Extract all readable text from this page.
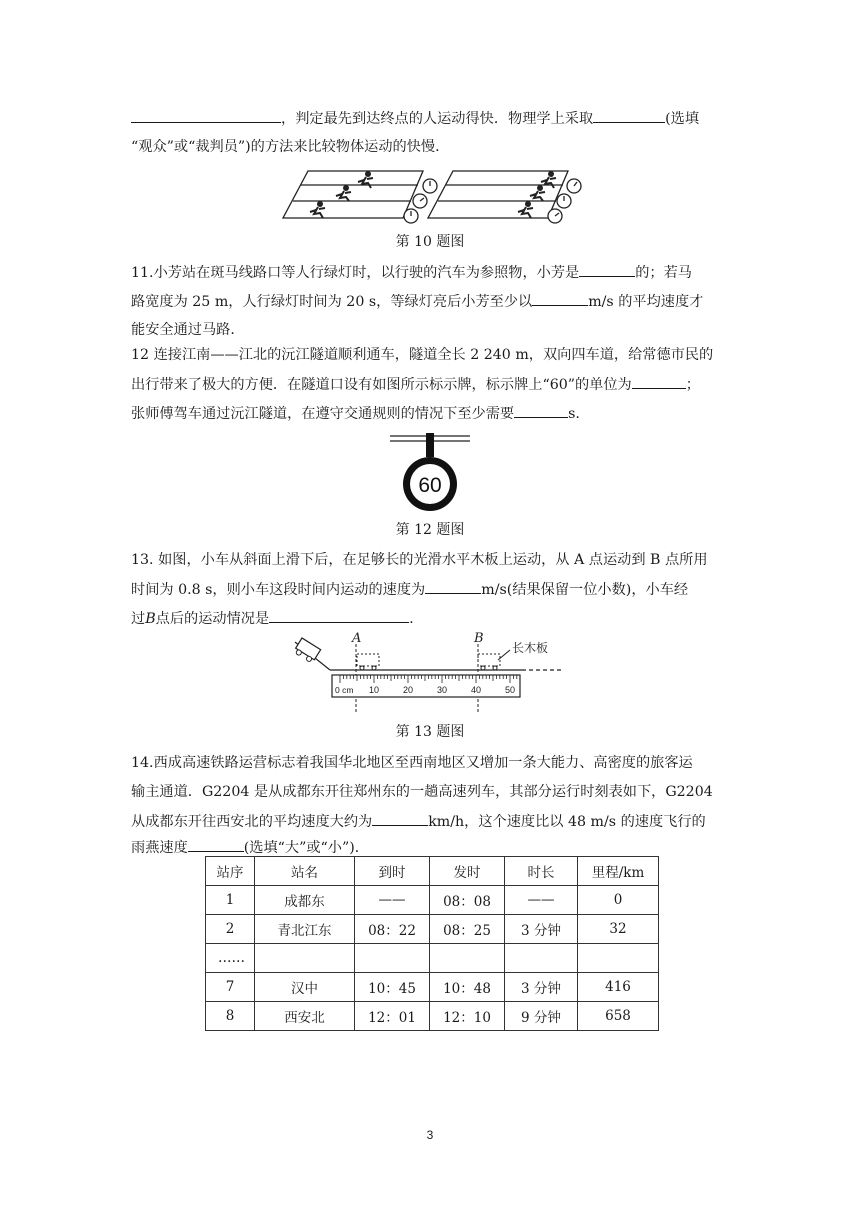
，判定最先到达终点的人运动得快．物理学上采取	(选填
“观众”或“裁判员”)的方法来比较物体运动的快慢．
第 10 题图
11.小芳站在斑马线路口等人行绿灯时，以行驶的汽车为参照物，小芳是	的；若马
路宽度为 25 m，人行绿灯时间为 20 s，等绿灯亮后小芳至少以	m/s 的平均速度才
能安全通过马路．
12 连接江南——江北的沅江隧道顺利通车，隧道全长 2 240 m，双向四车道，给常德市民的
出行带来了极大的方便．在隧道口设有如图所示标示牌，标示牌上“60”的单位为	；
张师傅驾车通过沅江隧道，在遵守交通规则的情况下至少需要	s.
60
第 12 题图
13. 如图，小车从斜面上滑下后，在足够长的光滑水平木板上运动，从 A 点运动到 B 点所用
时间为 0.8 s，则小车这段时间内运动的速度为	m/s(结果保留一位小数)，小车经
过B点后的运动情况是	.
A	B
长木板
0 cm 10	20	30	40	50
第 13 题图
14.西成高速铁路运营标志着我国华北地区至西南地区又增加一条大能力、高密度的旅客运
输主通道．G2204 是从成都东开往郑州东的一趟高速列车，其部分运行时刻表如下，G2204
从成都东开往西安北的平均速度大约为	km/h，这个速度比以 48 m/s 的速度飞行的
雨燕速度	(选填“大”或“小”)．
站序	站名	到时	发时	时长	里程/km
1	成都东	——	08：08	——	0
2	青北江东	08：22	08：25	3 分钟	32
……					
7	汉中	10：45	10：48	3 分钟	416
8	西安北	12：01	12：10	9 分钟	658
3
